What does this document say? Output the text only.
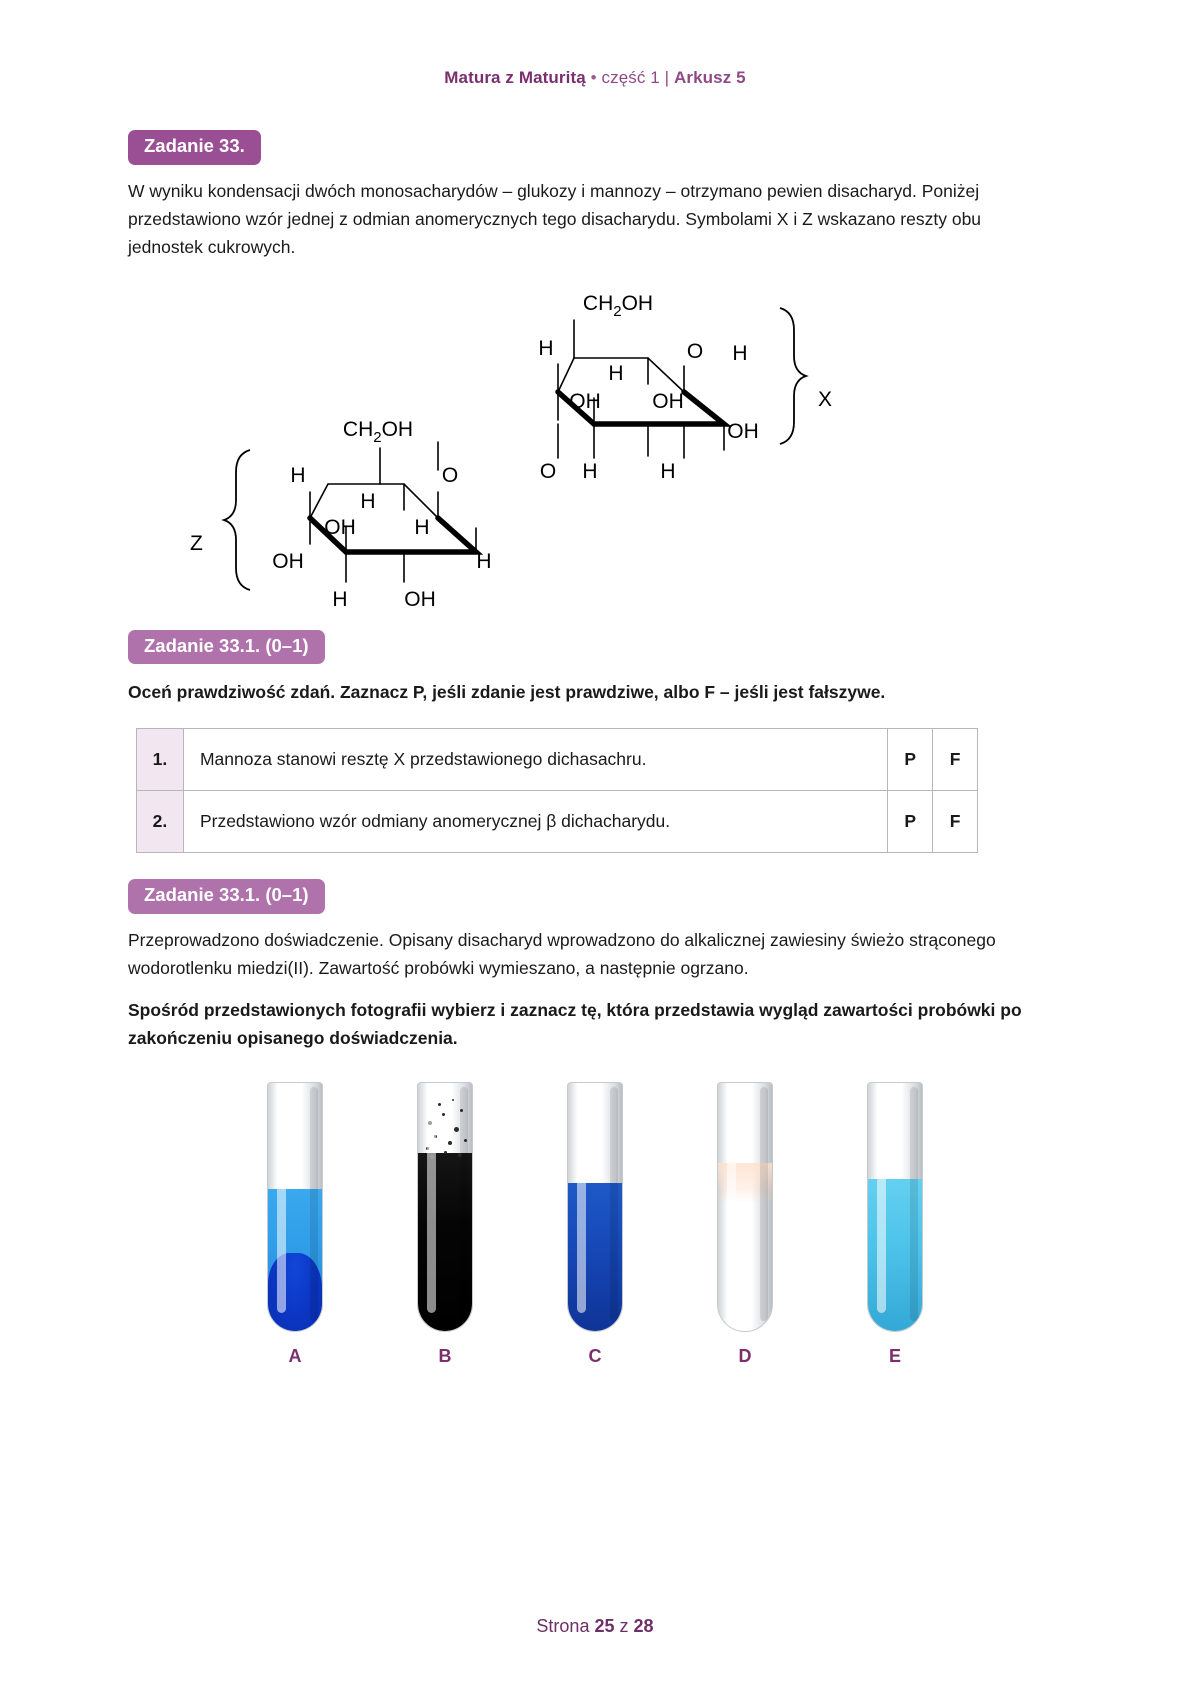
Matura z Maturitą • część 1 | Arkusz 5
Zadanie 33.

W wyniku kondensacji dwóch monosacharydów – glukozy i mannozy – otrzymano pewien disacharyd. Poniżej przedstawiono wzór jednej z odmian anomerycznych tego disacharydu. Symbolami X i Z wskazano reszty obu jednostek cukrowych.

$CH_2OH$
H
H
O H
OH OH
OH
O H	H
X
$CH_2OH$
H
H
O
OH	H
OH	H
H	OH
Z
Zadanie 33.1. (0–1)

Oceń prawdziwość zdań. Zaznacz P, jeśli zdanie jest prawdziwe, albo F – jeśli jest fałszywe.

1.	Mannoza stanowi resztę X przedstawionego dichasachru.	P	F
2.	Przedstawiono wzór odmiany anomerycznej β dichacharydu.	P	F
Zadanie 33.1. (0–1)

Przeprowadzono doświadczenie. Opisany disacharyd wprowadzono do alkalicznej zawiesiny świeżo strąconego wodorotlenku miedzi(II). Zawartość probówki wymieszano, a następnie ogrzano.

Spośród przedstawionych fotografii wybierz i zaznacz tę, która przedstawia wygląd zawartości probówki po zakończeniu opisanego doświadczenia.

A	B	C	D	E
Strona 25 z 28
